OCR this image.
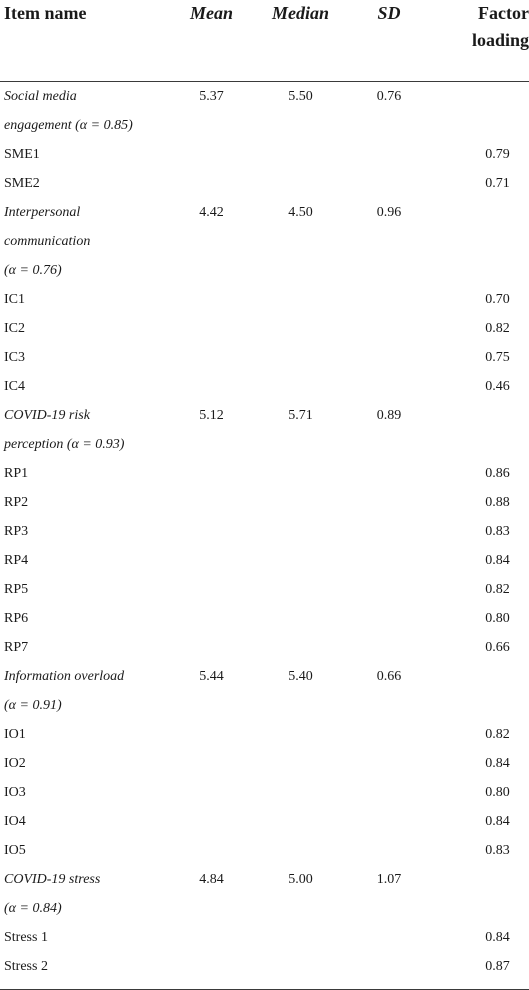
Item name	Mean	Median	SD	Factor
loading

Social media	5.37	5.50	0.76	
engagement (α = 0.85)				
SME1				0.79
SME2				0.71
Interpersonal	4.42	4.50	0.96	
communication				
(α = 0.76)				
IC1				0.70
IC2				0.82
IC3				0.75
IC4				0.46
COVID-19 risk	5.12	5.71	0.89	
perception (α = 0.93)				
RP1				0.86
RP2				0.88
RP3				0.83
RP4				0.84
RP5				0.82
RP6				0.80
RP7				0.66
Information overload	5.44	5.40	0.66	
(α = 0.91)				
IO1				0.82
IO2				0.84
IO3				0.80
IO4				0.84
IO5				0.83
COVID-19 stress	4.84	5.00	1.07	
(α = 0.84)				
Stress 1				0.84
Stress 2				0.87
